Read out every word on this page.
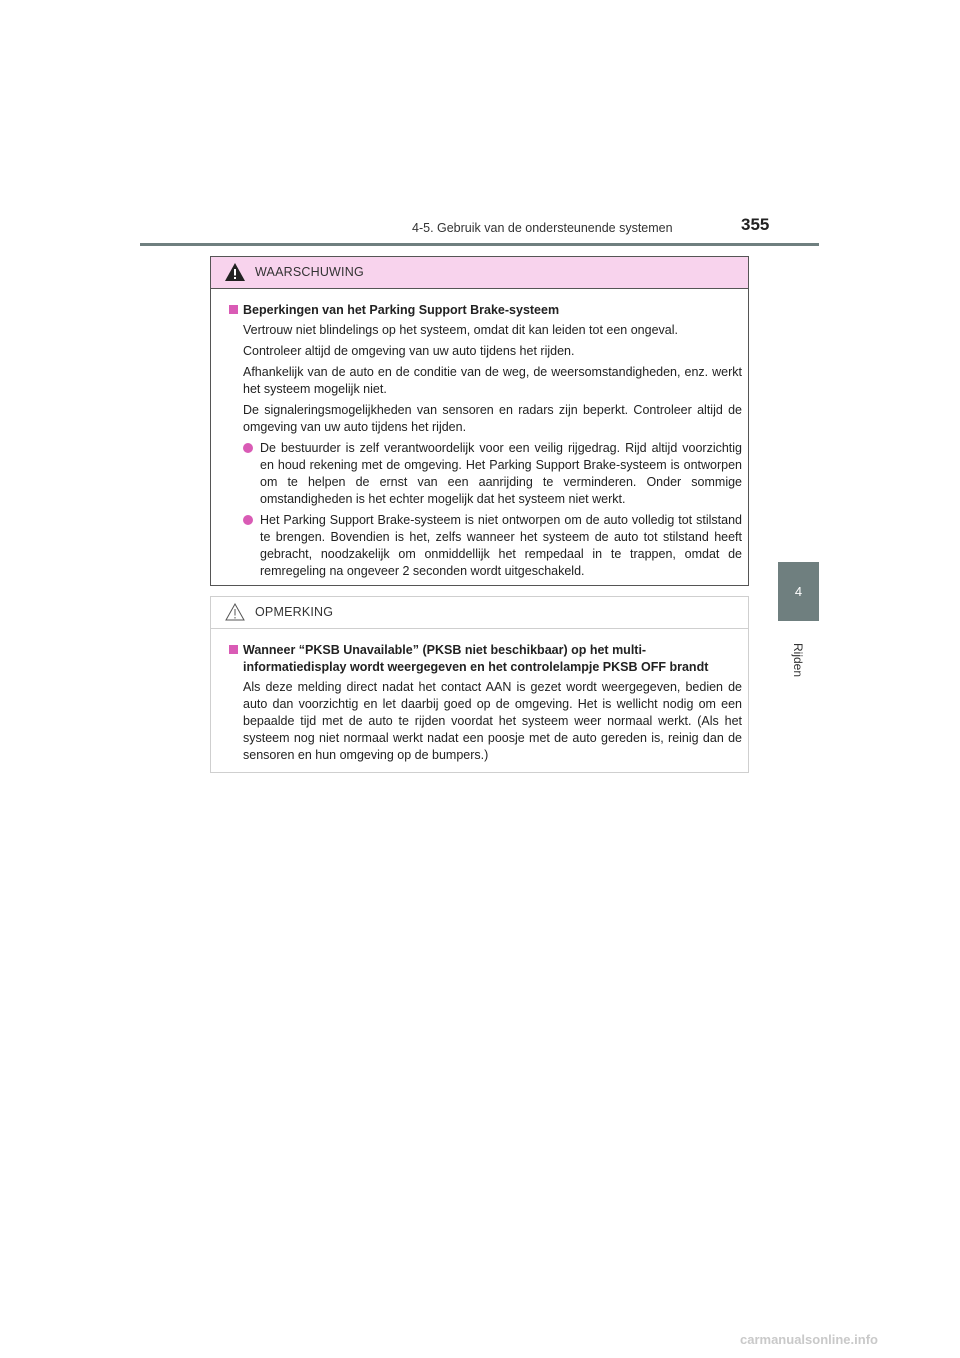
4-5. Gebruik van de ondersteunende systemen	355
4
Rijden
WAARSCHUWING
Beperkingen van het Parking Support Brake-systeem
Vertrouw niet blindelings op het systeem, omdat dit kan leiden tot een ongeval.
Controleer altijd de omgeving van uw auto tijdens het rijden.
Afhankelijk van de auto en de conditie van de weg, de weersomstandigheden, enz. werkt het systeem mogelijk niet.
De signaleringsmogelijkheden van sensoren en radars zijn beperkt. Controleer altijd de omgeving van uw auto tijdens het rijden.
De bestuurder is zelf verantwoordelijk voor een veilig rijgedrag. Rijd altijd voorzichtig en houd rekening met de omgeving. Het Parking Support Brake-systeem is ontworpen om te helpen de ernst van een aanrijding te verminderen. Onder sommige omstandigheden is het echter mogelijk dat het systeem niet werkt.
Het Parking Support Brake-systeem is niet ontworpen om de auto volledig tot stilstand te brengen. Bovendien is het, zelfs wanneer het systeem de auto tot stilstand heeft gebracht, noodzakelijk om onmiddellijk het rempedaal in te trappen, omdat de remregeling na ongeveer 2 seconden wordt uitgeschakeld.
OPMERKING
Wanneer “PKSB Unavailable” (PKSB niet beschikbaar) op het multi-informatiedisplay wordt weergegeven en het controlelampje PKSB OFF brandt
Als deze melding direct nadat het contact AAN is gezet wordt weergegeven, bedien de auto dan voorzichtig en let daarbij goed op de omgeving. Het is wellicht nodig om een bepaalde tijd met de auto te rijden voordat het systeem weer normaal werkt. (Als het systeem nog niet normaal werkt nadat een poosje met de auto gereden is, reinig dan de sensoren en hun omgeving op de bumpers.)
carmanualsonline.info
